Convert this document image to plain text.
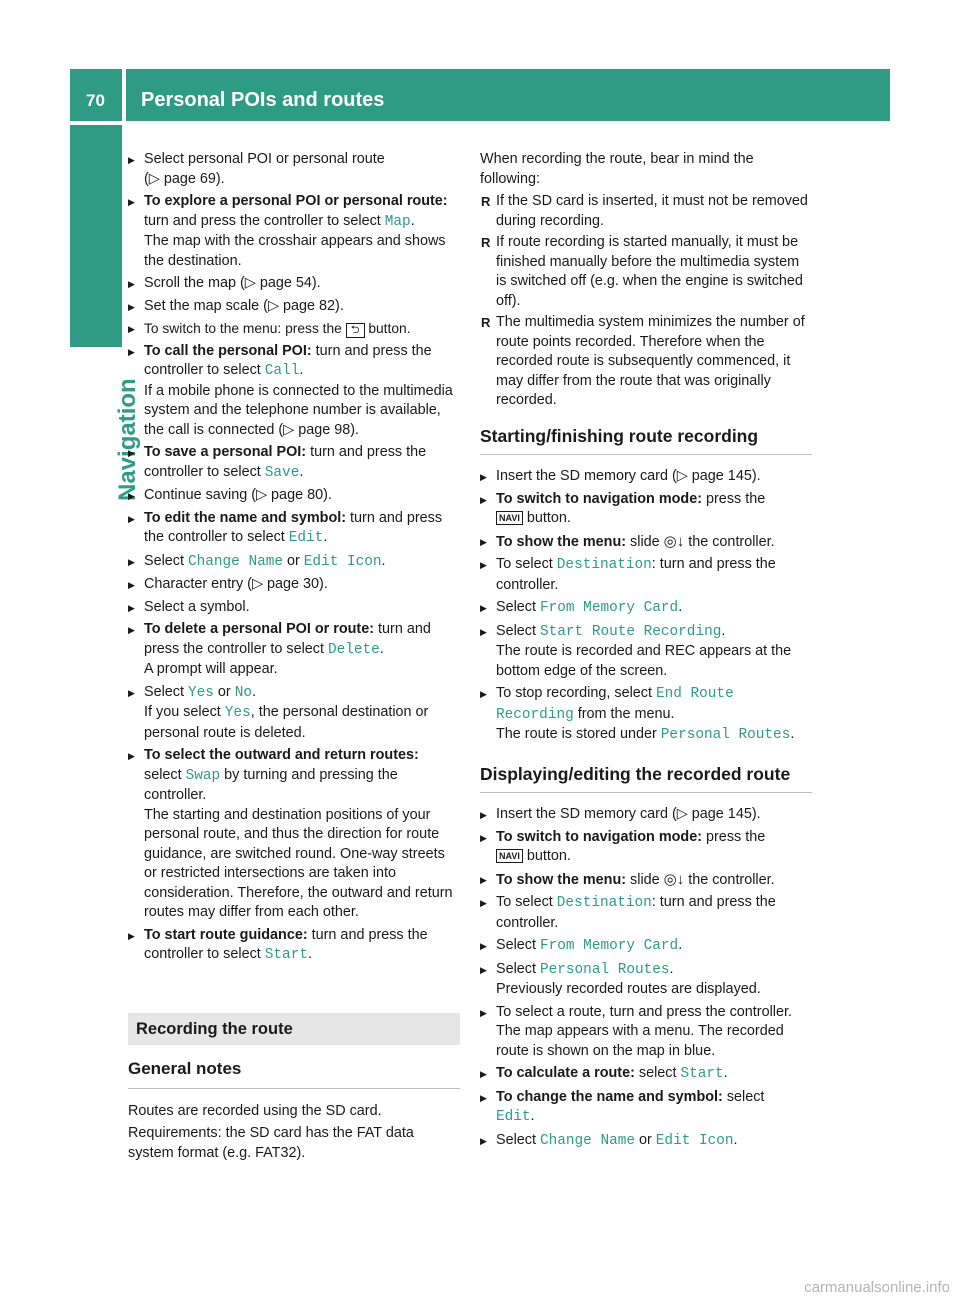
70 Personal POIs and routes
Navigation
▶ Select personal POI or personal route
(▷ page 69).
▶ To explore a personal POI or personal route: turn and press the controller to select Map.
The map with the crosshair appears and shows the destination.
▶ Scroll the map (▷ page 54).
▶ Set the map scale (▷ page 82).
▶ To switch to the menu: press the ⮌ button.
▶ To call the personal POI: turn and press the controller to select Call.
If a mobile phone is connected to the multimedia system and the telephone number is available, the call is connected (▷ page 98).
▶ To save a personal POI: turn and press the controller to select Save.
▶ Continue saving (▷ page 80).
▶ To edit the name and symbol: turn and press the controller to select Edit.
▶ Select Change Name or Edit Icon.
▶ Character entry (▷ page 30).
▶ Select a symbol.
▶ To delete a personal POI or route: turn and press the controller to select Delete.
A prompt will appear.
▶ Select Yes or No.
If you select Yes, the personal destination or personal route is deleted.
▶ To select the outward and return routes:
select Swap by turning and pressing the controller.
The starting and destination positions of your personal route, and thus the direction for route guidance, are switched round. One-way streets or restricted intersections are taken into consideration. Therefore, the outward and return routes may differ from each other.
▶ To start route guidance: turn and press the controller to select Start.
Recording the route
General notes
Routes are recorded using the SD card.
Requirements: the SD card has the FAT data system format (e.g. FAT32).
When recording the route, bear in mind the following:
R If the SD card is inserted, it must not be removed during recording.
R If route recording is started manually, it must be finished manually before the multimedia system is switched off (e.g. when the engine is switched off).
R The multimedia system minimizes the number of route points recorded. Therefore when the recorded route is subsequently commenced, it may differ from the route that was originally recorded.
Starting/finishing route recording
▶ Insert the SD memory card (▷ page 145).
▶ To switch to navigation mode: press the
NAVI button.
▶ To show the menu: slide ◎↓ the controller.
▶ To select Destination: turn and press the controller.
▶ Select From Memory Card.
▶ Select Start Route Recording.
The route is recorded and REC appears at the bottom edge of the screen.
▶ To stop recording, select End Route Recording from the menu.
The route is stored under Personal Routes.
Displaying/editing the recorded route
▶ Insert the SD memory card (▷ page 145).
▶ To switch to navigation mode: press the
NAVI button.
▶ To show the menu: slide ◎↓ the controller.
▶ To select Destination: turn and press the controller.
▶ Select From Memory Card.
▶ Select Personal Routes.
Previously recorded routes are displayed.
▶ To select a route, turn and press the controller.
The map appears with a menu. The recorded route is shown on the map in blue.
▶ To calculate a route: select Start.
▶ To change the name and symbol: select
Edit.
▶ Select Change Name or Edit Icon.
carmanualsonline.info
